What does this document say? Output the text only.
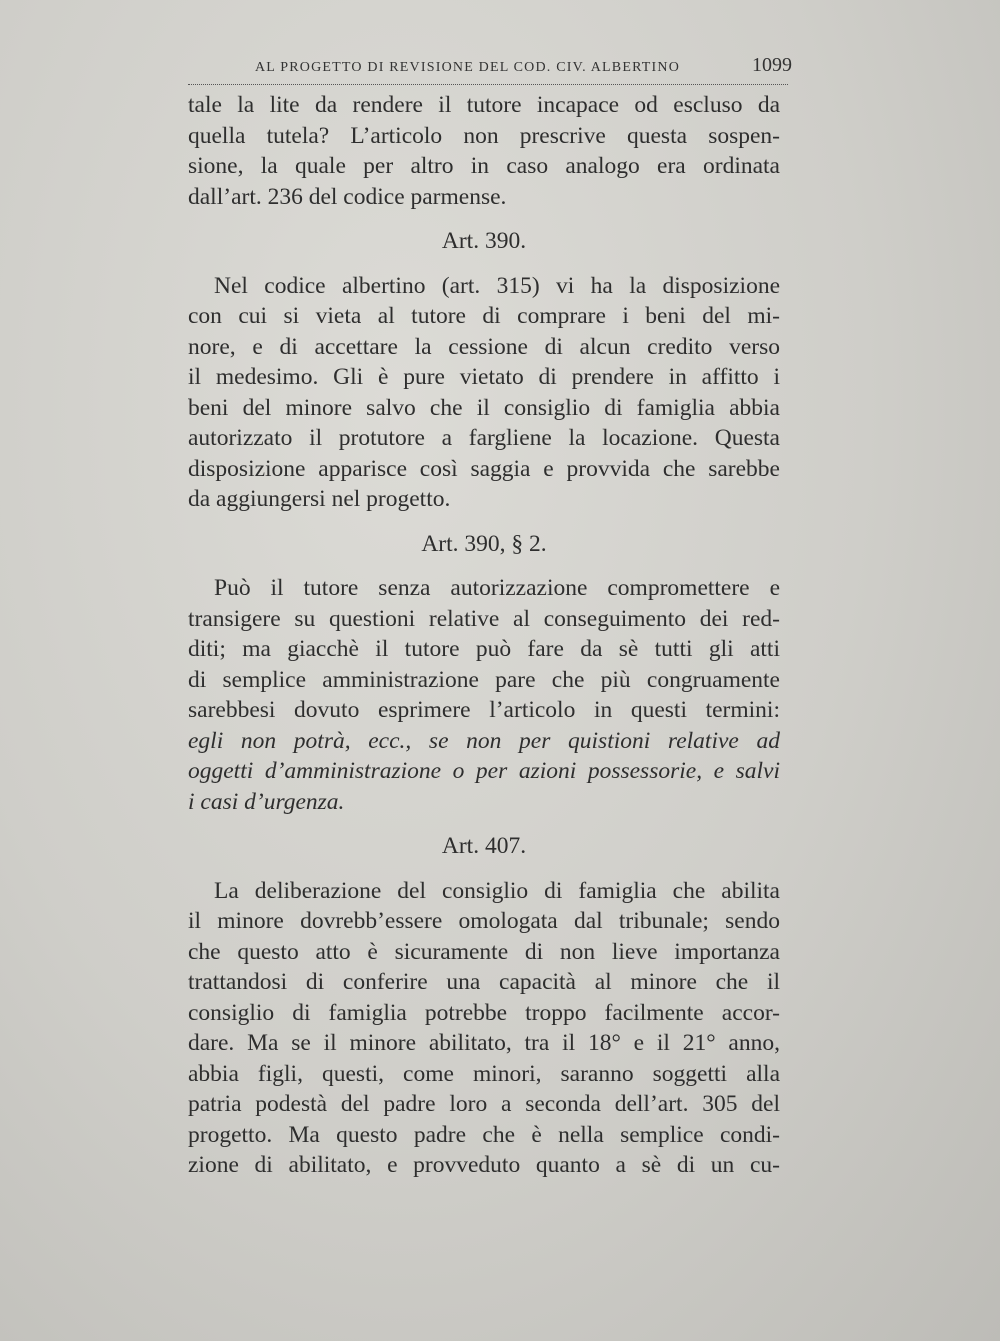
AL PROGETTO DI REVISIONE DEL COD. CIV. ALBERTINO	1099
tale la lite da rendere il tutore incapace od escluso da
quella tutela? L’articolo non prescrive questa sospen-
sione, la quale per altro in caso analogo era ordinata
dall’art. 236 del codice parmense.
Art. 390.
Nel codice albertino (art. 315) vi ha la disposizione
con cui si vieta al tutore di comprare i beni del mi-
nore, e di accettare la cessione di alcun credito verso
il medesimo. Gli è pure vietato di prendere in affitto i
beni del minore salvo che il consiglio di famiglia abbia
autorizzato il protutore a fargliene la locazione. Questa
disposizione apparisce così saggia e provvida che sarebbe
da aggiungersi nel progetto.
Art. 390, § 2.
Può il tutore senza autorizzazione compromettere e
transigere su questioni relative al conseguimento dei red-
diti; ma giacchè il tutore può fare da sè tutti gli atti
di semplice amministrazione pare che più congruamente
sarebbesi dovuto esprimere l’articolo in questi termini:
egli non potrà, ecc., se non per quistioni relative ad
oggetti d’amministrazione o per azioni possessorie, e salvi
i casi d’urgenza.
Art. 407.
La deliberazione del consiglio di famiglia che abilita
il minore dovrebb’essere omologata dal tribunale; sendo
che questo atto è sicuramente di non lieve importanza
trattandosi di conferire una capacità al minore che il
consiglio di famiglia potrebbe troppo facilmente accor-
dare. Ma se il minore abilitato, tra il 18° e il 21° anno,
abbia figli, questi, come minori, saranno soggetti alla
patria podestà del padre loro a seconda dell’art. 305 del
progetto. Ma questo padre che è nella semplice condi-
zione di abilitato, e provveduto quanto a sè di un cu-
